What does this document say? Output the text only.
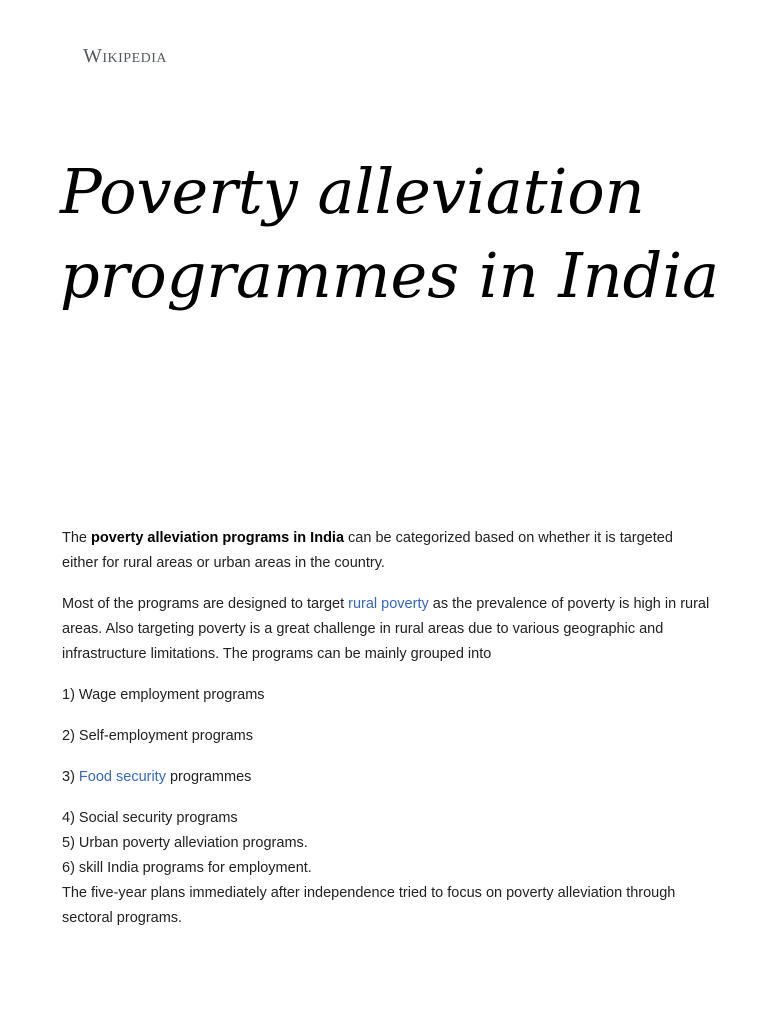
Wikipedia
Poverty alleviation programmes in India

The poverty alleviation programs in India can be categorized based on whether it is targeted either for rural areas or urban areas in the country.

Most of the programs are designed to target rural poverty as the prevalence of poverty is high in rural areas. Also targeting poverty is a great challenge in rural areas due to various geographic and infrastructure limitations. The programs can be mainly grouped into

1) Wage employment programs

2) Self-employment programs

3) Food security programmes

4) Social security programs

5) Urban poverty alleviation programs.

6) skill India programs for employment.

The five-year plans immediately after independence tried to focus on poverty alleviation through sectoral programs.
